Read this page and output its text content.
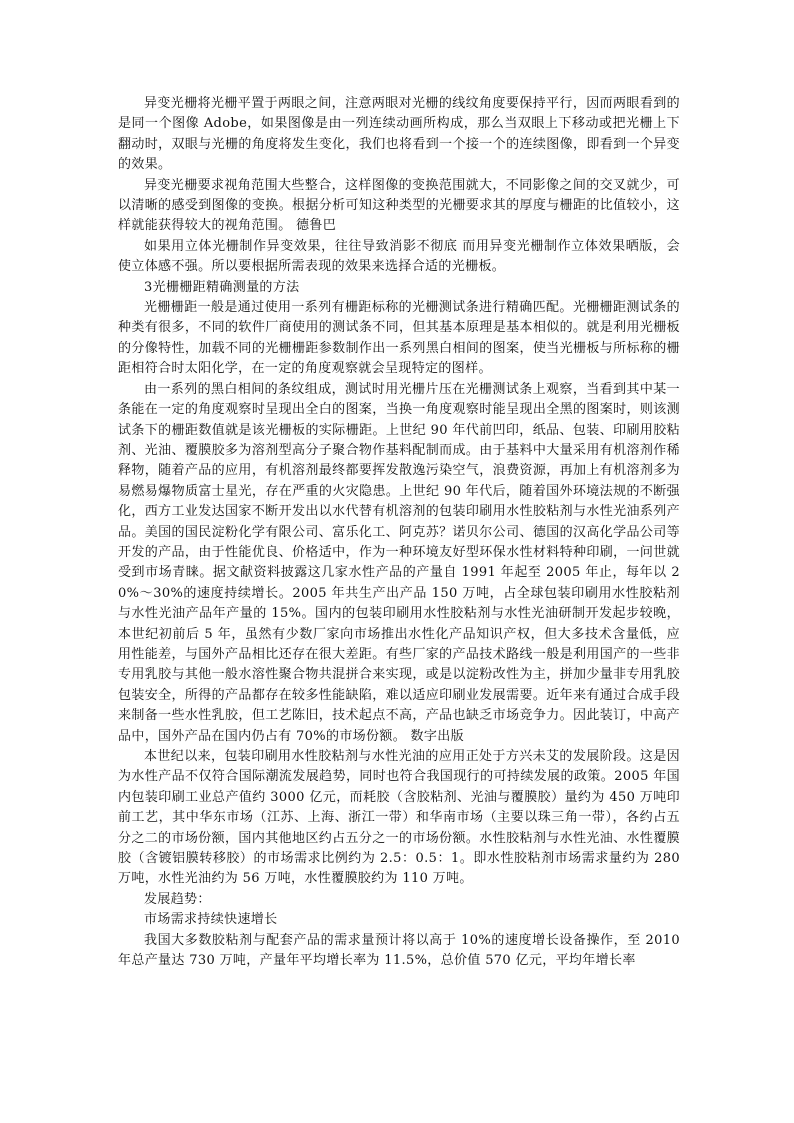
异变光栅将光栅平置于两眼之间，注意两眼对光栅的线纹角度要保持平行，因而两眼看到的是同一个图像 Adobe，如果图像是由一列连续动画所构成，那么当双眼上下移动或把光栅上下翻动时，双眼与光栅的角度将发生变化，我们也将看到一个接一个的连续图像，即看到一个异变的效果。

异变光栅要求视角范围大些整合，这样图像的变换范围就大，不同影像之间的交叉就少，可以清晰的感受到图像的变换。根据分析可知这种类型的光栅要求其的厚度与栅距的比值较小，这样就能获得较大的视角范围。 德鲁巴

如果用立体光栅制作异变效果，往往导致消影不彻底 而用异变光栅制作立体效果晒版，会使立体感不强。所以要根据所需表现的效果来选择合适的光栅板。

3光栅栅距精确测量的方法

光栅栅距一般是通过使用一系列有栅距标称的光栅测试条进行精确匹配。光栅栅距测试条的种类有很多，不同的软件厂商使用的测试条不同，但其基本原理是基本相似的。就是利用光栅板的分像特性，加载不同的光栅栅距参数制作出一系列黑白相间的图案，使当光栅板与所标称的栅距相符合时太阳化学，在一定的角度观察就会呈现特定的图样。

由一系列的黑白相间的条纹组成，测试时用光栅片压在光栅测试条上观察，当看到其中某一条能在一定的角度观察时呈现出全白的图案，当换一角度观察时能呈现出全黑的图案时，则该测试条下的栅距数值就是该光栅板的实际栅距。上世纪 90 年代前凹印，纸品、包装、印刷用胶粘剂、光油、覆膜胶多为溶剂型高分子聚合物作基料配制而成。由于基料中大量采用有机溶剂作稀释物，随着产品的应用，有机溶剂最终都要挥发散逸污染空气，浪费资源，再加上有机溶剂多为易燃易爆物质富士星光，存在严重的火灾隐患。上世纪 90 年代后，随着国外环境法规的不断强化，西方工业发达国家不断开发出以水代替有机溶剂的包装印刷用水性胶粘剂与水性光油系列产品。美国的国民淀粉化学有限公司、富乐化工、阿克苏？诺贝尔公司、德国的汉高化学品公司等开发的产品，由于性能优良、价格适中，作为一种环境友好型环保水性材料特种印刷，一问世就受到市场青睐。据文献资料披露这几家水性产品的产量自 1991 年起至 2005 年止，每年以 20%～30%的速度持续增长。2005 年共生产出产品 150 万吨，占全球包装印刷用水性胶粘剂与水性光油产品年产量的 15%。国内的包装印刷用水性胶粘剂与水性光油研制开发起步较晚，本世纪初前后 5 年，虽然有少数厂家向市场推出水性化产品知识产权，但大多技术含量低，应用性能差，与国外产品相比还存在很大差距。有些厂家的产品技术路线一般是利用国产的一些非专用乳胶与其他一般水溶性聚合物共混拼合来实现，或是以淀粉改性为主，拼加少量非专用乳胶包装安全，所得的产品都存在较多性能缺陷，难以适应印刷业发展需要。近年来有通过合成手段来制备一些水性乳胶，但工艺陈旧，技术起点不高，产品也缺乏市场竞争力。因此装订，中高产品中，国外产品在国内仍占有 70%的市场份额。 数字出版

本世纪以来，包装印刷用水性胶粘剂与水性光油的应用正处于方兴未艾的发展阶段。这是因为水性产品不仅符合国际潮流发展趋势，同时也符合我国现行的可持续发展的政策。2005 年国内包装印刷工业总产值约 3000 亿元，而耗胶（含胶粘剂、光油与覆膜胶）量约为 450 万吨印前工艺，其中华东市场（江苏、上海、浙江一带）和华南市场（主要以珠三角一带），各约占五分之二的市场份额，国内其他地区约占五分之一的市场份额。水性胶粘剂与水性光油、水性覆膜胶（含镀铝膜转移胶）的市场需求比例约为 2.5：0.5：1。即水性胶粘剂市场需求量约为 280 万吨，水性光油约为 56 万吨，水性覆膜胶约为 110 万吨。

发展趋势：

市场需求持续快速增长

我国大多数胶粘剂与配套产品的需求量预计将以高于 10%的速度增长设备操作，至 2010 年总产量达 730 万吨，产量年平均增长率为 11.5%，总价值 570 亿元，平均年增长率
